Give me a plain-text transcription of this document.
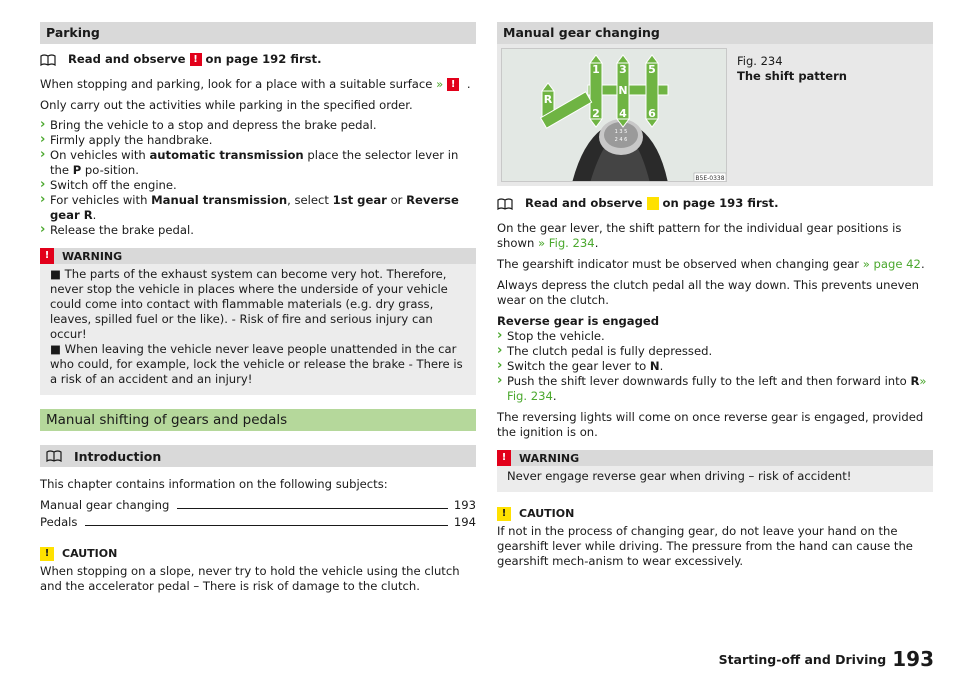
Parking
Read and observe ! on page 192 first.

When stopping and parking, look for a place with a suitable surface » ! .

Only carry out the activities while parking in the specified order.

› Bring the vehicle to a stop and depress the brake pedal.
› Firmly apply the handbrake.
› On vehicles with automatic transmission place the selector lever in the P po-sition.
› Switch off the engine.
› For vehicles with Manual transmission, select 1st gear or Reverse gear R.
› Release the brake pedal.
!	WARNING
■ The parts of the exhaust system can become very hot. Therefore, never stop the vehicle in places where the underside of your vehicle could come into contact with flammable materials (e.g. dry grass, leaves, spilled fuel or the like). - Risk of fire and serious injury can occur!
■ When leaving the vehicle never leave people unattended in the car who could, for example, lock the vehicle or release the brake - There is a risk of an accident and an injury!
Manual shifting of gears and pedals
Introduction

This chapter contains information on the following subjects:

Manual gear changing	193
Pedals	194
!	CAUTION

When stopping on a slope, never try to hold the vehicle using the clutch and the accelerator pedal – There is risk of damage to the clutch.

Manual gear changing
1 3 5
2 4 6
1 3 5
N
R
2 4 6
B5E-0338
Fig. 234
The shift pattern
Read and observe on page 193 first.

On the gear lever, the shift pattern for the individual gear positions is shown » Fig. 234.

The gearshift indicator must be observed when changing gear » page 42.

Always depress the clutch pedal all the way down. This prevents uneven wear on the clutch.

Reverse gear is engaged

› Stop the vehicle.
› The clutch pedal is fully depressed.
› Switch the gear lever to N.
› Push the shift lever downwards fully to the left and then forward into R» Fig. 234.

The reversing lights will come on once reverse gear is engaged, provided the ignition is on.

!	WARNING
Never engage reverse gear when driving – risk of accident!
!	CAUTION

If not in the process of changing gear, do not leave your hand on the gearshift lever while driving. The pressure from the hand can cause the gearshift mech-anism to wear excessively.

Starting-off and Driving 193
